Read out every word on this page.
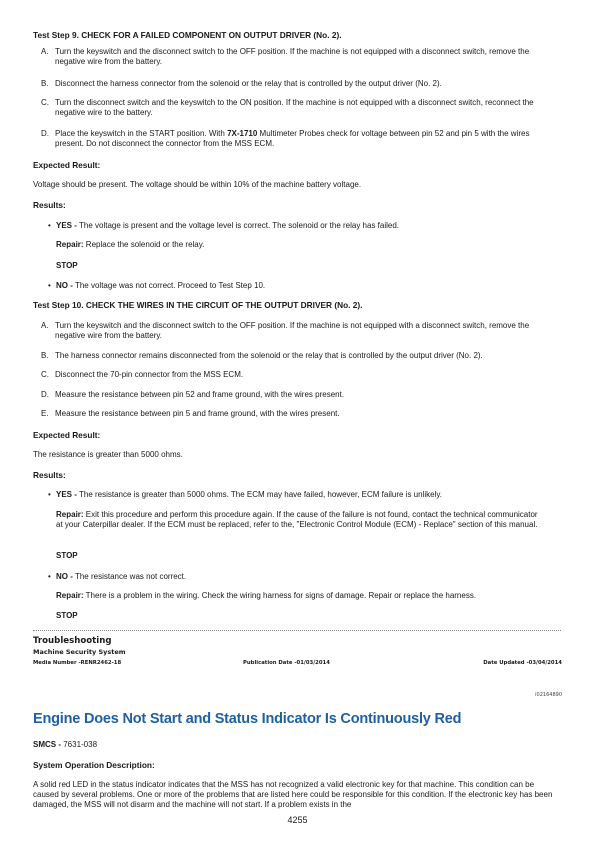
Test Step 9. CHECK FOR A FAILED COMPONENT ON OUTPUT DRIVER (No. 2).
A. Turn the keyswitch and the disconnect switch to the OFF position. If the machine is not equipped with a disconnect switch, remove the negative wire from the battery.
B. Disconnect the harness connector from the solenoid or the relay that is controlled by the output driver (No. 2).
C. Turn the disconnect switch and the keyswitch to the ON position. If the machine is not equipped with a disconnect switch, reconnect the negative wire to the battery.
D. Place the keyswitch in the START position. With 7X-1710 Multimeter Probes check for voltage between pin 52 and pin 5 with the wires present. Do not disconnect the connector from the MSS ECM.
Expected Result:
Voltage should be present. The voltage should be within 10% of the machine battery voltage.
Results:
• YES - The voltage is present and the voltage level is correct. The solenoid or the relay has failed.
Repair: Replace the solenoid or the relay.
STOP
• NO - The voltage was not correct. Proceed to Test Step 10.
Test Step 10. CHECK THE WIRES IN THE CIRCUIT OF THE OUTPUT DRIVER (No. 2).
A. Turn the keyswitch and the disconnect switch to the OFF position. If the machine is not equipped with a disconnect switch, remove the negative wire from the battery.
B. The harness connector remains disconnected from the solenoid or the relay that is controlled by the output driver (No. 2).
C. Disconnect the 70-pin connector from the MSS ECM.
D. Measure the resistance between pin 52 and frame ground, with the wires present.
E. Measure the resistance between pin 5 and frame ground, with the wires present.
Expected Result:
The resistance is greater than 5000 ohms.
Results:
• YES - The resistance is greater than 5000 ohms. The ECM may have failed, however, ECM failure is unlikely.
Repair: Exit this procedure and perform this procedure again. If the cause of the failure is not found, contact the technical communicator at your Caterpillar dealer. If the ECM must be replaced, refer to the, "Electronic Control Module (ECM) - Replace" section of this manual.
STOP
• NO - The resistance was not correct.
Repair: There is a problem in the wiring. Check the wiring harness for signs of damage. Repair or replace the harness.
STOP
Troubleshooting
Machine Security System
Media Number -RENR2462-18	Publication Date -01/03/2014	Date Updated -03/04/2014
i02164890
Engine Does Not Start and Status Indicator Is Continuously Red
SMCS - 7631-038
System Operation Description:
A solid red LED in the status indicator indicates that the MSS has not recognized a valid electronic key for that machine. This condition can be caused by several problems. One or more of the problems that are listed here could be responsible for this condition. If the electronic key has been damaged, the MSS will not disarm and the machine will not start. If a problem exists in the
4255
